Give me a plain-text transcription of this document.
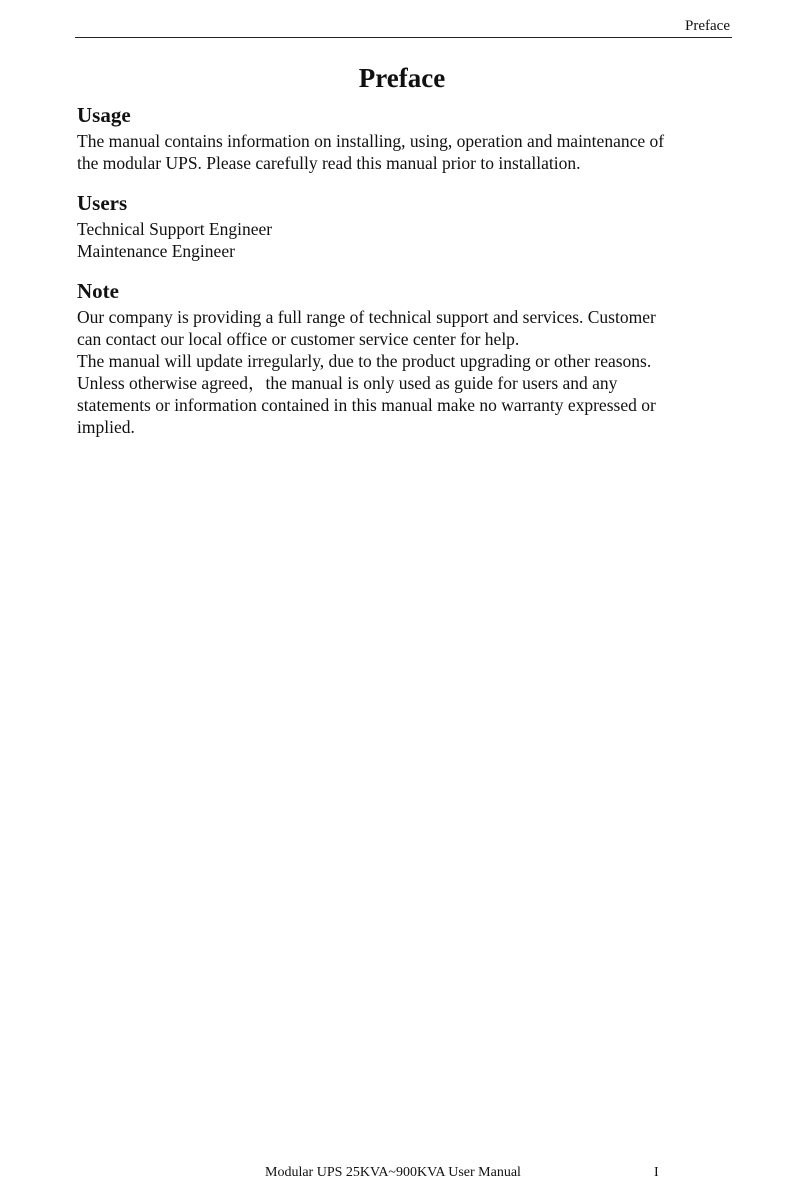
Preface
Preface
Usage

The manual contains information on installing, using, operation and maintenance of

the modular UPS. Please carefully read this manual prior to installation.

Users

Technical Support Engineer

Maintenance Engineer

Note

Our company is providing a full range of technical support and services. Customer

can contact our local office or customer service center for help.

The manual will update irregularly, due to the product upgrading or other reasons.

Unless otherwise agreed，the manual is only used as guide for users and any

statements or information contained in this manual make no warranty expressed or

implied.

Modular UPS 25KVA~900KVA User Manual	I
